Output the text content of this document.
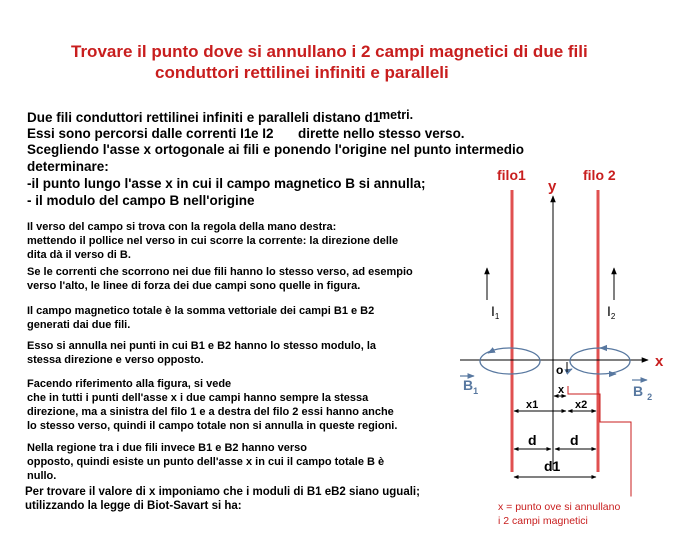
Trovare il punto dove si annullano i 2 campi magnetici di due fili
conduttori rettilinei infiniti e paralleli
Due fili conduttori rettilinei infiniti e paralleli distano d1
metri.
Essi sono percorsi dalle correnti I1 e I2 dirette nello stesso verso.
Scegliendo l'asse x ortogonale ai fili e ponendo l'origine nel punto intermedio
determinare:
-il punto lungo l'asse x in cui il campo magnetico B si annulla;
- il modulo del campo B nell'origine
Il verso del campo si trova con la regola della mano destra:
mettendo il pollice nel verso in cui scorre la corrente: la direzione delle
dita dà il verso di B.
Se le correnti che scorrono nei due fili hanno lo stesso verso, ad esempio
verso l'alto, le linee di forza dei due campi sono quelle in figura.
Il campo magnetico totale è la somma vettoriale dei campi B1 e B2
generati dai due fili.
Esso si annulla nei punti in cui B1 e B2 hanno lo stesso modulo, la
stessa direzione e verso opposto.
Facendo riferimento alla figura, si vede
che in tutti i punti dell'asse x i due campi hanno sempre la stessa
direzione, ma a sinistra del filo 1 e a destra del filo 2 essi hanno anche
lo stesso verso, quindi il campo totale non si annulla in queste regioni.
Nella regione tra i due fili invece B1 e B2 hanno verso
opposto, quindi esiste un punto dell'asse x in cui il campo totale B è
nullo.
Per trovare il valore di x imponiamo che i moduli di B1 eB2 siano uguali;
utilizzando la legge di Biot-Savart si ha:
filo1	filo 2
y
x
o
x
x1	x2
d d
d1
$I_1$	$I_2$
$B_1$	B $_2$
x = punto ove si annullano
i 2 campi magnetici
